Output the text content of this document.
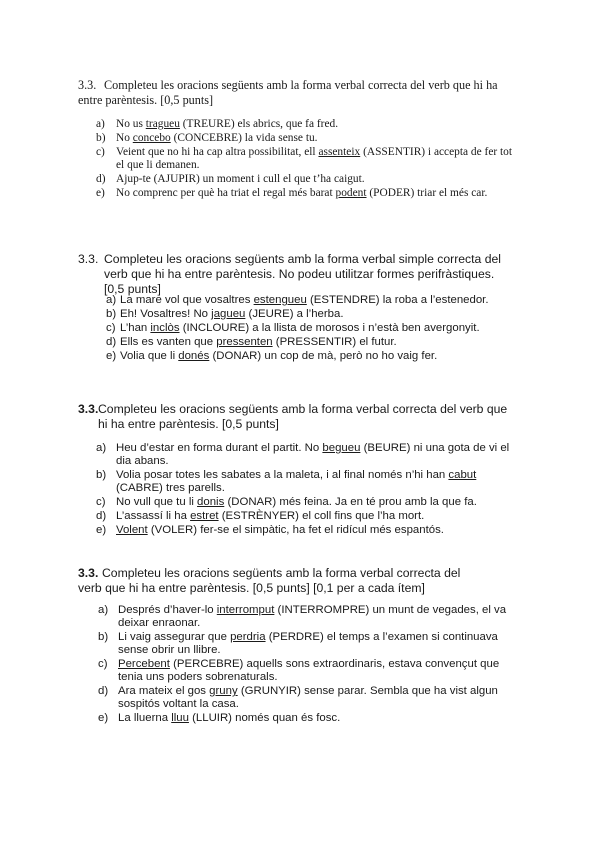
3.3. Completeu les oracions següents amb la forma verbal correcta del verb que hi ha entre parèntesis. [0,5 punts]
a) No us tragueu (TREURE) els abrics, que fa fred.
b) No concebo (CONCEBRE) la vida sense tu.
c) Veient que no hi ha cap altra possibilitat, ell assenteix (ASSENTIR) i accepta de fer tot el que li demanen.
d) Ajup-te (AJUPIR) un moment i cull el que t’ha caigut.
e) No comprenc per què ha triat el regal més barat podent (PODER) triar el més car.
3.3. Completeu les oracions següents amb la forma verbal simple correcta del verb que hi ha entre parèntesis. No podeu utilitzar formes perifràstiques. [0,5 punts]
a) La mare vol que vosaltres estengueu (ESTENDRE) la roba a l’estenedor.
b) Eh! Vosaltres! No jagueu (JEURE) a l’herba.
c) L’han inclòs (INCLOURE) a la llista de morosos i n’està ben avergonyit.
d) Ells es vanten que pressenten (PRESSENTIR) el futur.
e) Volia que li donés (DONAR) un cop de mà, però no ho vaig fer.
3.3. Completeu les oracions següents amb la forma verbal correcta del verb que hi ha entre parèntesis. [0,5 punts]
a) Heu d’estar en forma durant el partit. No begueu (BEURE) ni una gota de vi el dia abans.
b) Volia posar totes les sabates a la maleta, i al final només n’hi han cabut (CABRE) tres parells.
c) No vull que tu li donis (DONAR) més feina. Ja en té prou amb la que fa.
d) L’assassí li ha estret (ESTRÈNYER) el coll fins que l’ha mort.
e) Volent (VOLER) fer-se el simpàtic, ha fet el ridícul més espantós.
3.3. Completeu les oracions següents amb la forma verbal correcta del verb que hi ha entre parèntesis. [0,5 punts] [0,1 per a cada ítem]
a) Després d’haver-lo interromput (INTERROMPRE) un munt de vegades, el va deixar enraonar.
b) Li vaig assegurar que perdria (PERDRE) el temps a l’examen si continuava sense obrir un llibre.
c) Percebent (PERCEBRE) aquells sons extraordinaris, estava convençut que tenia uns poders sobrenaturals.
d) Ara mateix el gos gruny (GRUNYIR) sense parar. Sembla que ha vist algun sospitós voltant la casa.
e) La lluerna lluu (LLUIR) només quan és fosc.
